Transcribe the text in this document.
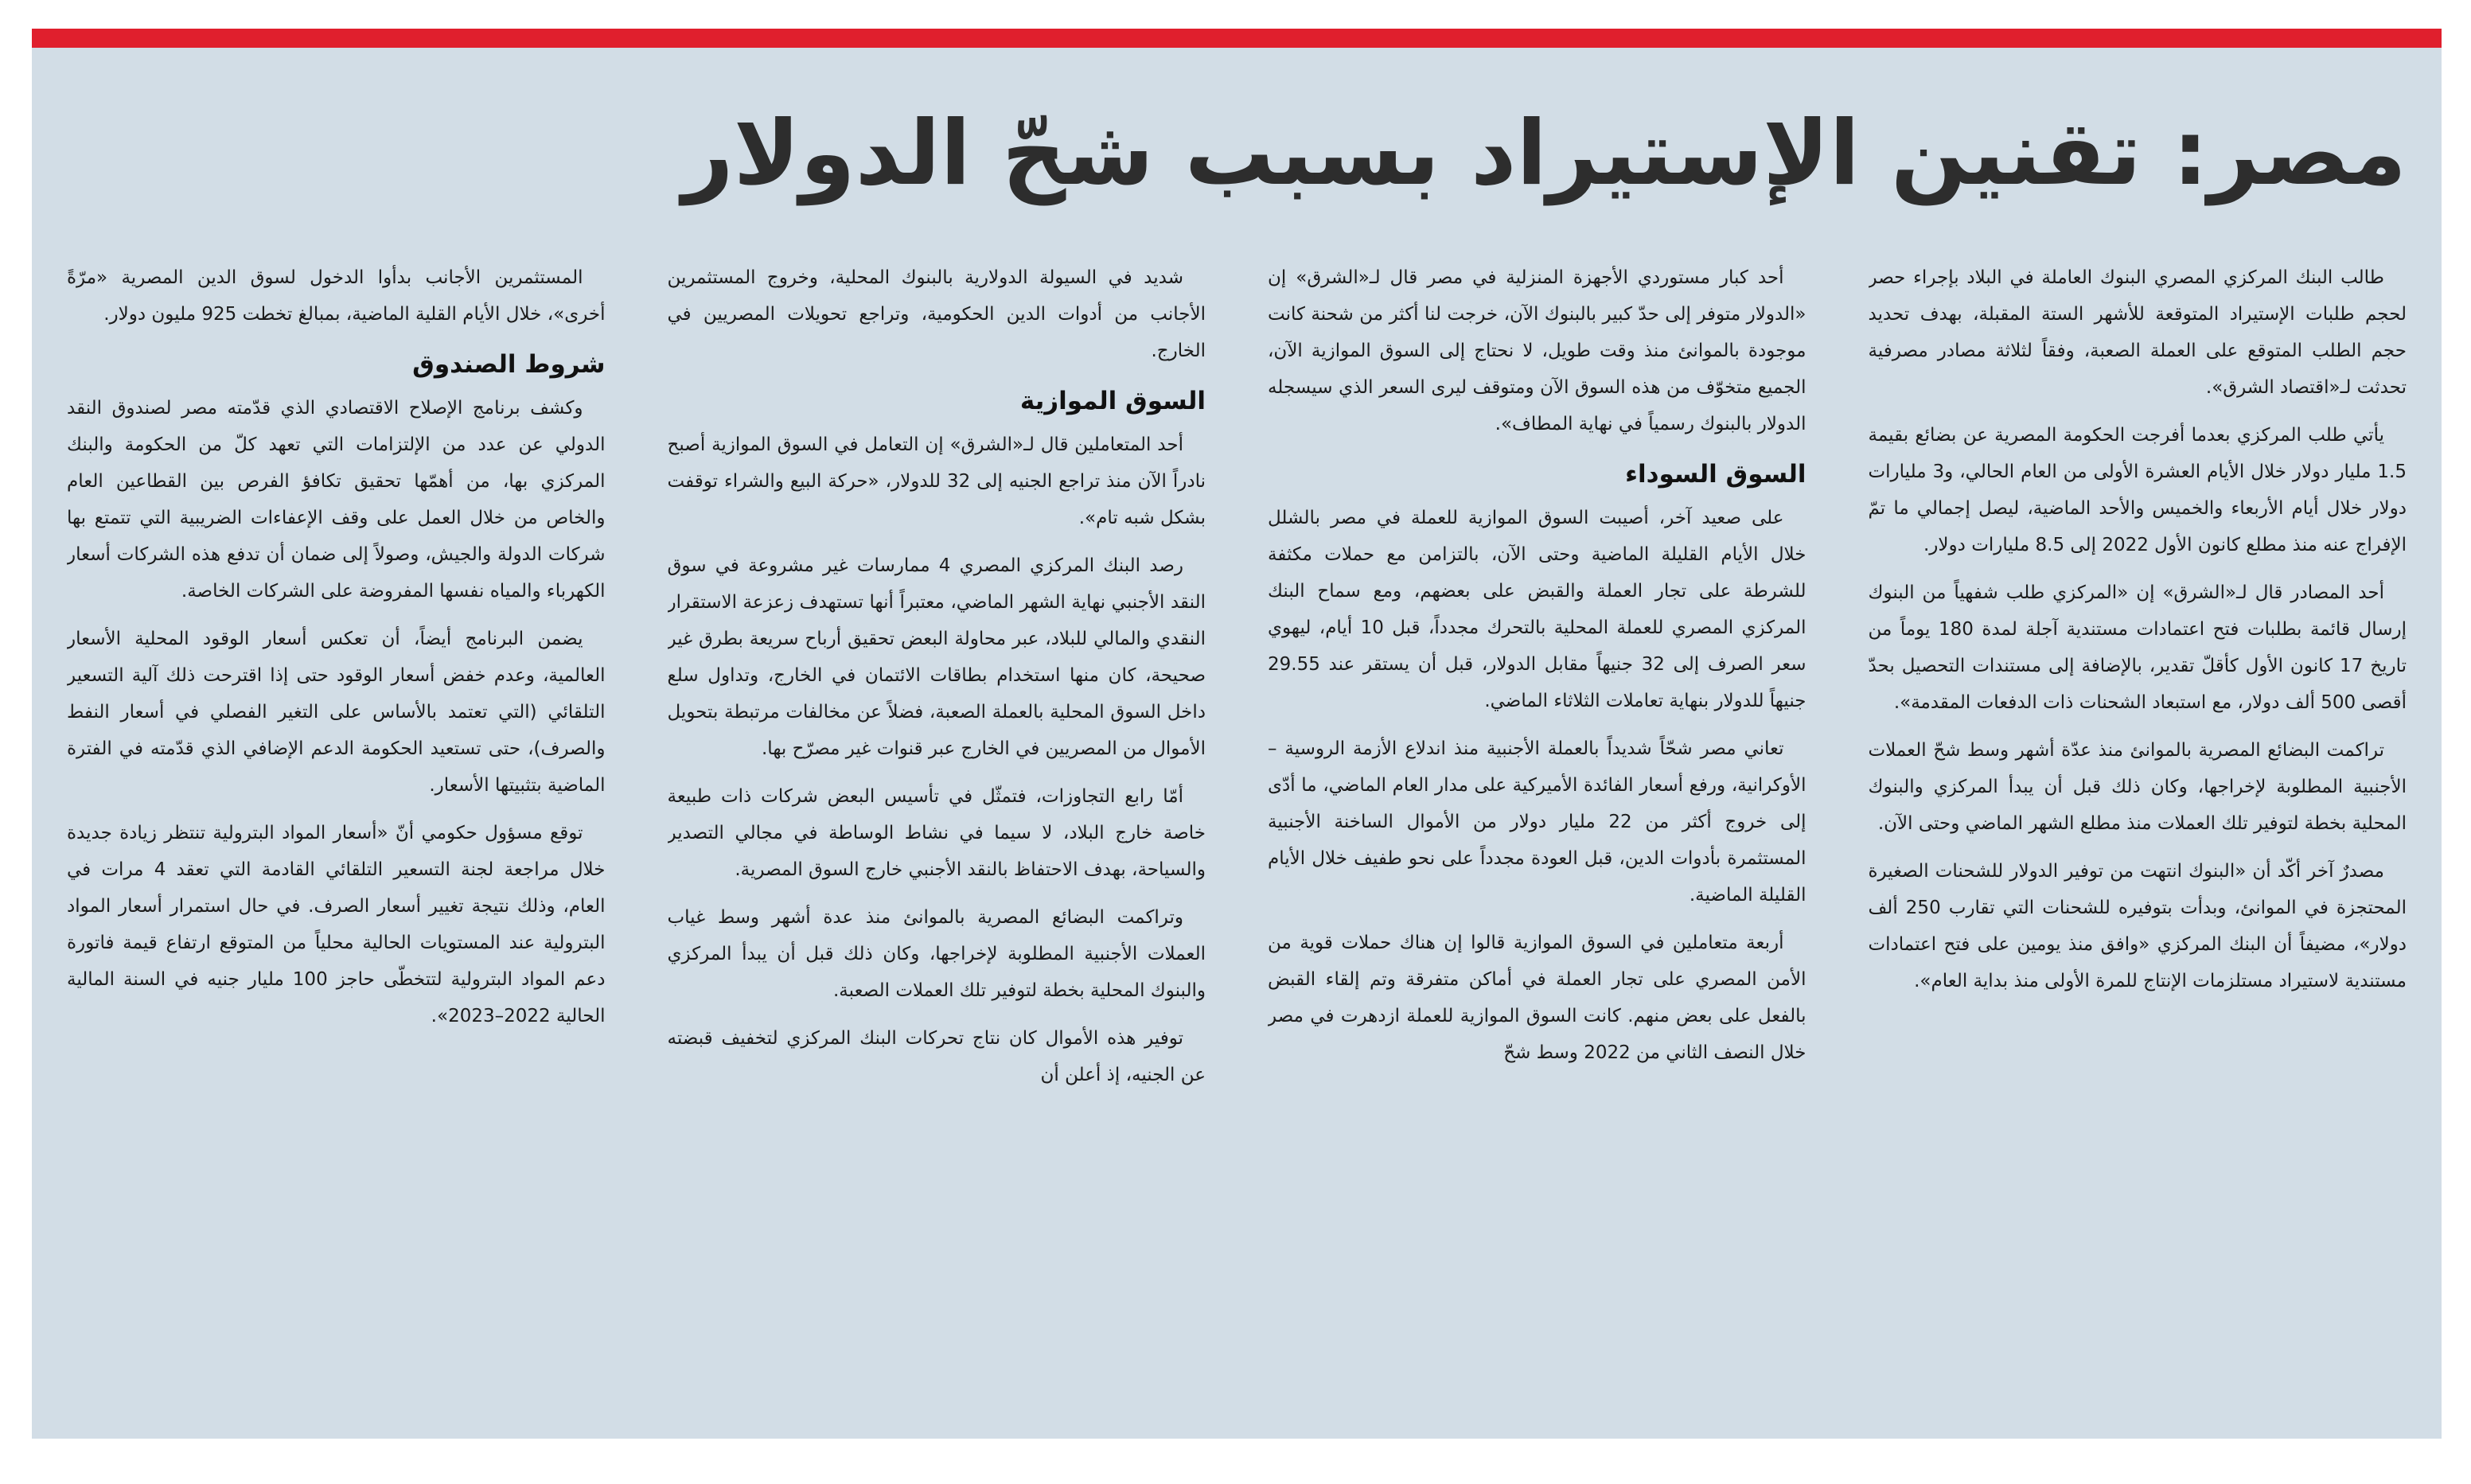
مصر: تقنين الإستيراد بسبب شحّ الدولار

طالب البنك المركزي المصري البنوك العاملة في البلاد بإجراء حصر لحجم طلبات الإستيراد المتوقعة للأشهر الستة المقبلة، بهدف تحديد حجم الطلب المتوقع على العملة الصعبة، وفقاً لثلاثة مصادر مصرفية تحدثت لـ«اقتصاد الشرق».

يأتي طلب المركزي بعدما أفرجت الحكومة المصرية عن بضائع بقيمة 1.5 مليار دولار خلال الأيام العشرة الأولى من العام الحالي، و3 مليارات دولار خلال أيام الأربعاء والخميس والأحد الماضية، ليصل إجمالي ما تمّ الإفراج عنه منذ مطلع كانون الأول 2022 إلى 8.5 مليارات دولار.

أحد المصادر قال لـ«الشرق» إن «المركزي طلب شفهياً من البنوك إرسال قائمة بطلبات فتح اعتمادات مستندية آجلة لمدة 180 يوماً من تاريخ 17 كانون الأول كأقلّ تقدير، بالإضافة إلى مستندات التحصيل بحدّ أقصى 500 ألف دولار، مع استبعاد الشحنات ذات الدفعات المقدمة».

تراكمت البضائع المصرية بالموانئ منذ عدّة أشهر وسط شحّ العملات الأجنبية المطلوبة لإخراجها، وكان ذلك قبل أن يبدأ المركزي والبنوك المحلية بخطة لتوفير تلك العملات منذ مطلع الشهر الماضي وحتى الآن.

مصدرٌ آخر أكّد أن «البنوك انتهت من توفير الدولار للشحنات الصغيرة المحتجزة في الموانئ، وبدأت بتوفيره للشحنات التي تقارب 250 ألف دولار»، مضيفاً أن البنك المركزي «وافق منذ يومين على فتح اعتمادات مستندية لاستيراد مستلزمات الإنتاج للمرة الأولى منذ بداية العام».

أحد كبار مستوردي الأجهزة المنزلية في مصر قال لـ«الشرق» إن «الدولار متوفر إلى حدّ كبير بالبنوك الآن، خرجت لنا أكثر من شحنة كانت موجودة بالموانئ منذ وقت طويل، لا نحتاج إلى السوق الموازية الآن، الجميع متخوّف من هذه السوق الآن ومتوقف ليرى السعر الذي سيسجله الدولار بالبنوك رسمياً في نهاية المطاف».

السوق السوداء

على صعيد آخر، أصيبت السوق الموازية للعملة في مصر بالشلل خلال الأيام القليلة الماضية وحتى الآن، بالتزامن مع حملات مكثفة للشرطة على تجار العملة والقبض على بعضهم، ومع سماح البنك المركزي المصري للعملة المحلية بالتحرك مجدداً، قبل 10 أيام، ليهوي سعر الصرف إلى 32 جنيهاً مقابل الدولار، قبل أن يستقر عند 29.55 جنيهاً للدولار بنهاية تعاملات الثلاثاء الماضي.

تعاني مصر شحّاً شديداً بالعملة الأجنبية منذ اندلاع الأزمة الروسية – الأوكرانية، ورفع أسعار الفائدة الأميركية على مدار العام الماضي، ما أدّى إلى خروج أكثر من 22 مليار دولار من الأموال الساخنة الأجنبية المستثمرة بأدوات الدين، قبل العودة مجدداً على نحو طفيف خلال الأيام القليلة الماضية.

أربعة متعاملين في السوق الموازية قالوا إن هناك حملات قوية من الأمن المصري على تجار العملة في أماكن متفرقة وتم إلقاء القبض بالفعل على بعض منهم. كانت السوق الموازية للعملة ازدهرت في مصر خلال النصف الثاني من 2022 وسط شحّ

شديد في السيولة الدولارية بالبنوك المحلية، وخروج المستثمرين الأجانب من أدوات الدين الحكومية، وتراجع تحويلات المصريين في الخارج.

السوق الموازية

أحد المتعاملين قال لـ«الشرق» إن التعامل في السوق الموازية أصبح نادراً الآن منذ تراجع الجنيه إلى 32 للدولار، «حركة البيع والشراء توقفت بشكل شبه تام».

رصد البنك المركزي المصري 4 ممارسات غير مشروعة في سوق النقد الأجنبي نهاية الشهر الماضي، معتبراً أنها تستهدف زعزعة الاستقرار النقدي والمالي للبلاد، عبر محاولة البعض تحقيق أرباح سريعة بطرق غير صحيحة، كان منها استخدام بطاقات الائتمان في الخارج، وتداول سلع داخل السوق المحلية بالعملة الصعبة، فضلاً عن مخالفات مرتبطة بتحويل الأموال من المصريين في الخارج عبر قنوات غير مصرّح بها.

أمّا رابع التجاوزات، فتمثّل في تأسيس البعض شركات ذات طبيعة خاصة خارج البلاد، لا سيما في نشاط الوساطة في مجالي التصدير والسياحة، بهدف الاحتفاظ بالنقد الأجنبي خارج السوق المصرية.

وتراكمت البضائع المصرية بالموانئ منذ عدة أشهر وسط غياب العملات الأجنبية المطلوبة لإخراجها، وكان ذلك قبل أن يبدأ المركزي والبنوك المحلية بخطة لتوفير تلك العملات الصعبة.

توفير هذه الأموال كان نتاج تحركات البنك المركزي لتخفيف قبضته عن الجنيه، إذ أعلن أن

المستثمرين الأجانب بدأوا الدخول لسوق الدين المصرية «مرّةً أخرى»، خلال الأيام القلية الماضية، بمبالغ تخطت 925 مليون دولار.

شروط الصندوق

وكشف برنامج الإصلاح الاقتصادي الذي قدّمته مصر لصندوق النقد الدولي عن عدد من الإلتزامات التي تعهد كلّ من الحكومة والبنك المركزي بها، من أهمّها تحقيق تكافؤ الفرص بين القطاعين العام والخاص من خلال العمل على وقف الإعفاءات الضريبية التي تتمتع بها شركات الدولة والجيش، وصولاً إلى ضمان أن تدفع هذه الشركات أسعار الكهرباء والمياه نفسها المفروضة على الشركات الخاصة.

يضمن البرنامج أيضاً، أن تعكس أسعار الوقود المحلية الأسعار العالمية، وعدم خفض أسعار الوقود حتى إذا اقترحت ذلك آلية التسعير التلقائي (التي تعتمد بالأساس على التغير الفصلي في أسعار النفط والصرف)، حتى تستعيد الحكومة الدعم الإضافي الذي قدّمته في الفترة الماضية بتثبيتها الأسعار.

توقع مسؤول حكومي أنّ «أسعار المواد البترولية تنتظر زيادة جديدة خلال مراجعة لجنة التسعير التلقائي القادمة التي تعقد 4 مرات في العام، وذلك نتيجة تغيير أسعار الصرف. في حال استمرار أسعار المواد البترولية عند المستويات الحالية محلياً من المتوقع ارتفاع قيمة فاتورة دعم المواد البترولية لتتخطّى حاجز 100 مليار جنيه في السنة المالية الحالية 2022–2023».
